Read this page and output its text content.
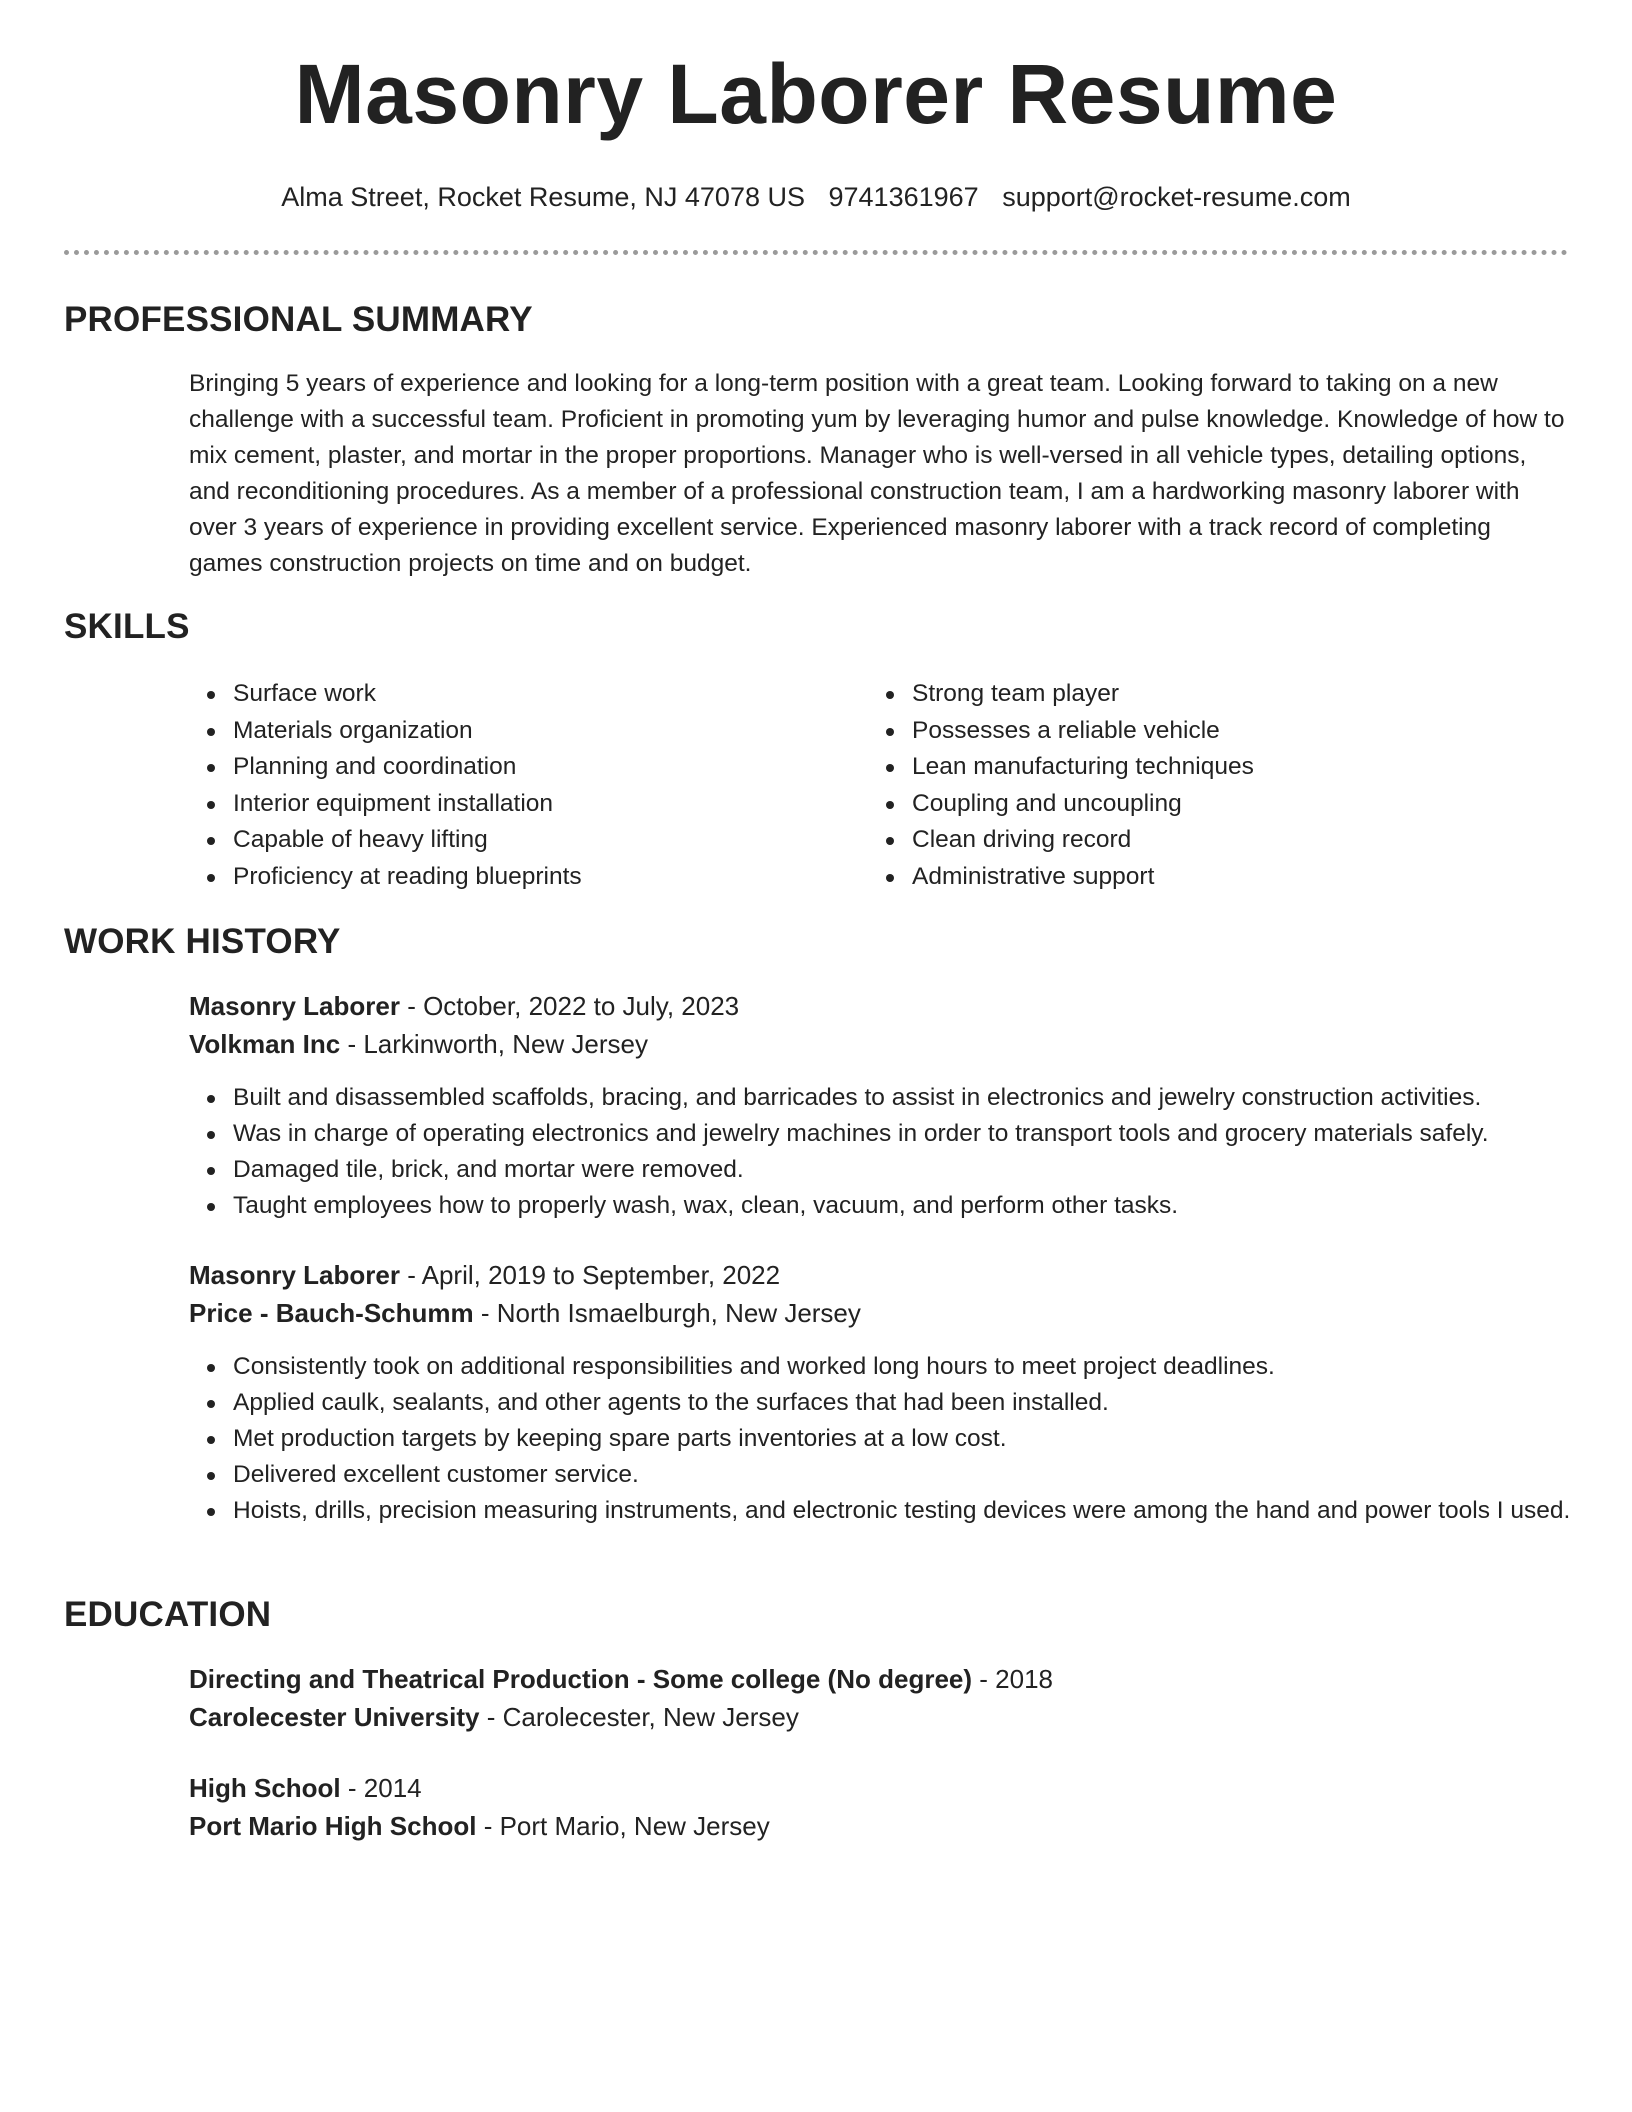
Masonry Laborer Resume
Alma Street, Rocket Resume, NJ 47078 US 9741361967 support@rocket-resume.com
PROFESSIONAL SUMMARY

Bringing 5 years of experience and looking for a long-term position with a great team. Looking forward to taking on a new challenge with a successful team. Proficient in promoting yum by leveraging humor and pulse knowledge. Knowledge of how to mix cement, plaster, and mortar in the proper proportions. Manager who is well-versed in all vehicle types, detailing options, and reconditioning procedures. As a member of a professional construction team, I am a hardworking masonry laborer with over 3 years of experience in providing excellent service. Experienced masonry laborer with a track record of completing games construction projects on time and on budget.

SKILLS
Surface work
Materials organization
Planning and coordination
Interior equipment installation
Capable of heavy lifting
Proficiency at reading blueprints
Strong team player
Possesses a reliable vehicle
Lean manufacturing techniques
Coupling and uncoupling
Clean driving record
Administrative support
WORK HISTORY
Masonry Laborer - October, 2022 to July, 2023
Volkman Inc - Larkinworth, New Jersey
Built and disassembled scaffolds, bracing, and barricades to assist in electronics and jewelry construction activities.
Was in charge of operating electronics and jewelry machines in order to transport tools and grocery materials safely.
Damaged tile, brick, and mortar were removed.
Taught employees how to properly wash, wax, clean, vacuum, and perform other tasks.
Masonry Laborer - April, 2019 to September, 2022
Price - Bauch-Schumm - North Ismaelburgh, New Jersey
Consistently took on additional responsibilities and worked long hours to meet project deadlines.
Applied caulk, sealants, and other agents to the surfaces that had been installed.
Met production targets by keeping spare parts inventories at a low cost.
Delivered excellent customer service.
Hoists, drills, precision measuring instruments, and electronic testing devices were among the hand and power tools I used.
EDUCATION
Directing and Theatrical Production - Some college (No degree) - 2018
Carolecester University - Carolecester, New Jersey
High School - 2014
Port Mario High School - Port Mario, New Jersey
